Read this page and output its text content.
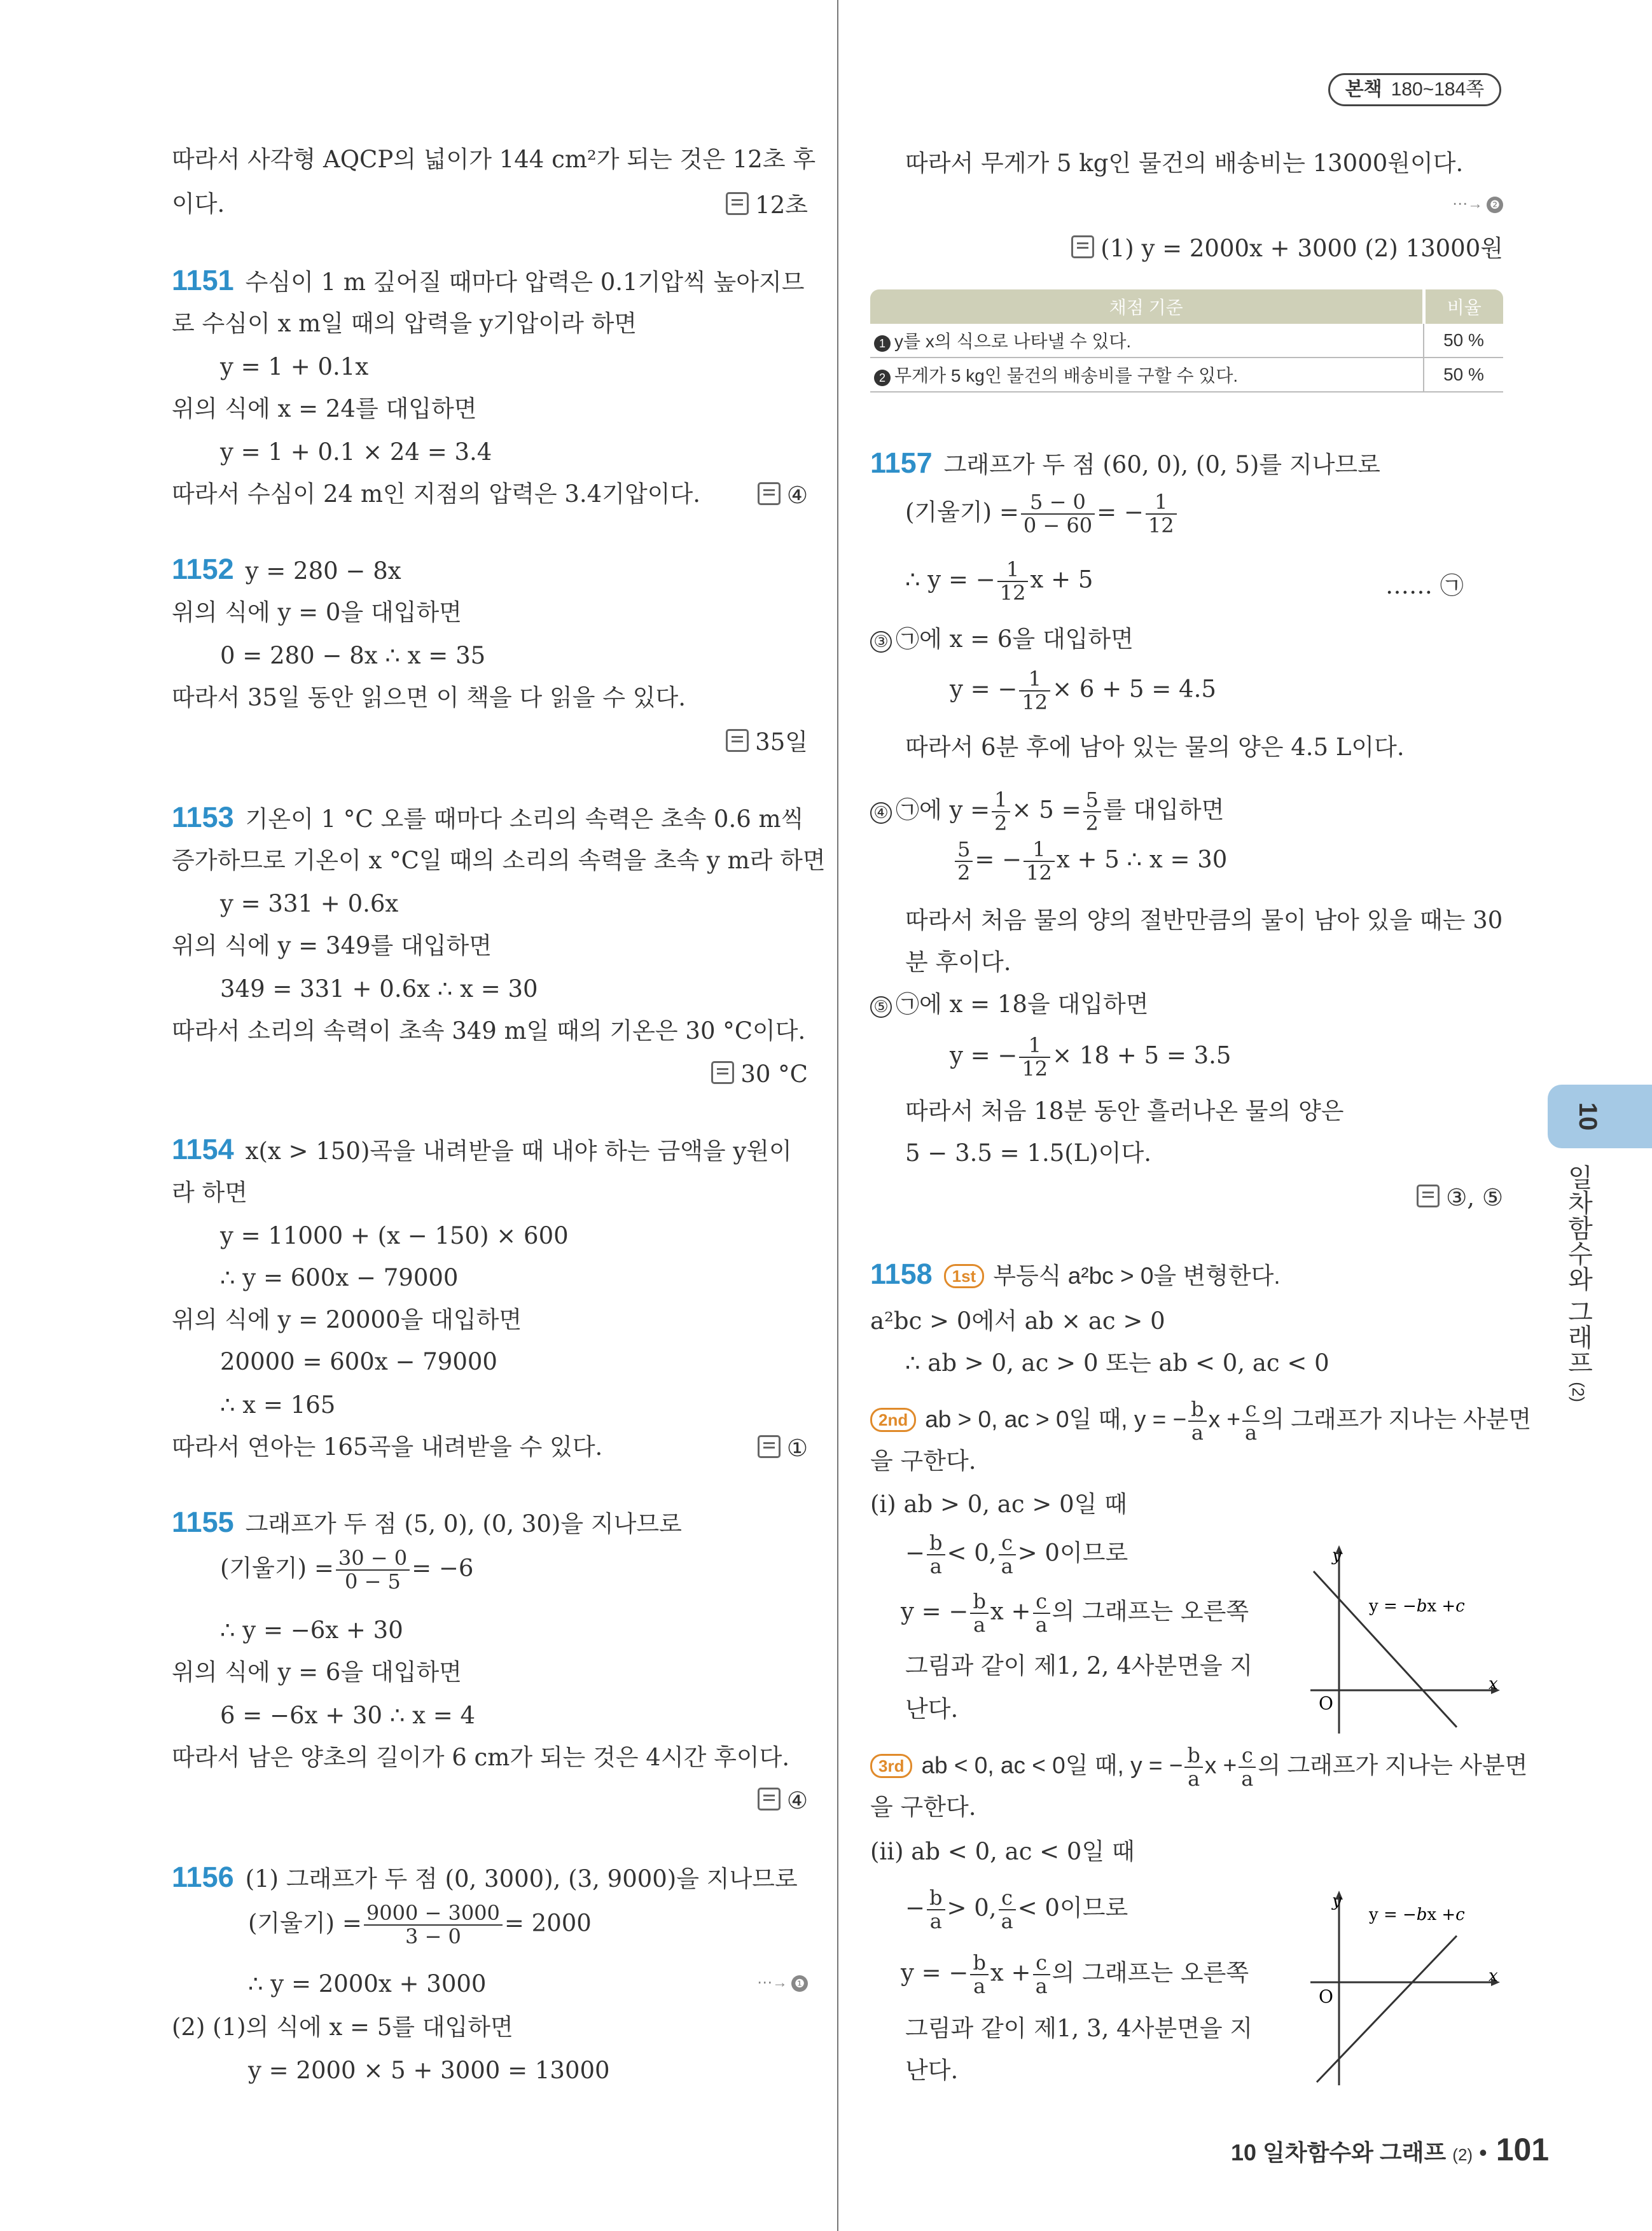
본책 180~184쪽
따라서 사각형 AQCP의 넓이가 144 cm²가 되는 것은 12초 후
이다.	12초
1151 수심이 1 m 깊어질 때마다 압력은 0.1기압씩 높아지므
로 수심이 x m일 때의 압력을 y기압이라 하면
y = 1 + 0.1x
위의 식에 x = 24를 대입하면
y = 1 + 0.1 × 24 = 3.4
따라서 수심이 24 m인 지점의 압력은 3.4기압이다.	④
1152 y = 280 − 8x
위의 식에 y = 0을 대입하면
0 = 280 − 8x ∴ x = 35
따라서 35일 동안 읽으면 이 책을 다 읽을 수 있다.
35일
1153 기온이 1 °C 오를 때마다 소리의 속력은 초속 0.6 m씩
증가하므로 기온이 x °C일 때의 소리의 속력을 초속 y m라 하면
y = 331 + 0.6x
위의 식에 y = 349를 대입하면
349 = 331 + 0.6x ∴ x = 30
따라서 소리의 속력이 초속 349 m일 때의 기온은 30 °C이다.
30 °C
1154 x(x > 150)곡을 내려받을 때 내야 하는 금액을 y원이
라 하면
y = 11000 + (x − 150) × 600
∴ y = 600x − 79000
위의 식에 y = 20000을 대입하면
20000 = 600x − 79000
∴ x = 165
따라서 연아는 165곡을 내려받을 수 있다.	①
1155 그래프가 두 점 (5, 0), (0, 30)을 지나므로
(기울기) = $\frac{30 - 0}{0 - 5} = -6$
∴ y = −6x + 30
위의 식에 y = 6을 대입하면
6 = −6x + 30 ∴ x = 4
따라서 남은 양초의 길이가 6 cm가 되는 것은 4시간 후이다.
④
1156 (1) 그래프가 두 점 (0, 3000), (3, 9000)을 지나므로
(기울기) = $\frac{9000 - 3000}{3 - 0} = 2000$
∴ y = 2000x + 3000	⋯→ ❶
(2) (1)의 식에 x = 5를 대입하면
y = 2000 × 5 + 3000 = 13000
따라서 무게가 5 kg인 물건의 배송비는 13000원이다.
⋯→ ❷
(1) y = 2000x + 3000 (2) 13000원
채점 기준	비율
1 y를 x의 식으로 나타낼 수 있다.	50 %
2 무게가 5 kg인 물건의 배송비를 구할 수 있다.	50 %
1157 그래프가 두 점 (60, 0), (0, 5)를 지나므로
(기울기) = $\frac{5 - 0}{0 - 60}$ = − $\frac{1}{12}$
∴ y = − $\frac{1}{12}$ x + 5	…… ㉠
③ ㉠에 x = 6을 대입하면
y = − $\frac{1}{12} \times 6 + 5 = 4.5$
따라서 6분 후에 남아 있는 물의 양은 4.5 L이다.
④ ㉠에 $y = \frac{1}{2} \times 5 = \frac{5}{2}$ 를 대입하면
$\frac{5}{2}$ = − $\frac{1}{12}$ x + 5 ∴ x = 30
따라서 처음 물의 양의 절반만큼의 물이 남아 있을 때는 30
분 후이다.
⑤ ㉠에 x = 18을 대입하면
y = − $\frac{1}{12} \times 18 + 5 = 3.5$
따라서 처음 18분 동안 흘러나온 물의 양은
5 − 3.5 = 1.5(L)이다.
③, ⑤
1158 1st 부등식 a²bc > 0을 변형한다.
a²bc > 0에서 ab × ac > 0
∴ ab > 0, ac > 0 또는 ab < 0, ac < 0
2nd ab > 0, ac > 0일 때, y = − $\frac{b}{a}$ $x + \frac{c}{a}$ 의 그래프가 지나는 사분면
을 구한다.
(i) ab > 0, ac > 0일 때
− $\frac{b}{a} < 0$, $\frac{c}{a} > 0$이므로
y = − $\frac{b}{a}$ $x + \frac{c}{a}$ 의 그래프는 오른쪽
그림과 같이 제1, 2, 4사분면을 지
난다.
3rd ab < 0, ac < 0일 때, y = − $\frac{b}{a}$ $x + \frac{c}{a}$ 의 그래프가 지나는 사분면
을 구한다.
(ii) ab < 0, ac < 0일 때
− $\frac{b}{a} > 0$, $\frac{c}{a} < 0$이므로
y = − $\frac{b}{a}$ $x + \frac{c}{a}$ 의 그래프는 오른쪽
그림과 같이 제1, 3, 4사분면을 지
난다.
y
x
O
y = −bx +c
y
x
O
y = −bx +c
10
일차함수와 그래프 (2)
10 일차함수와 그래프 (2) • 101
